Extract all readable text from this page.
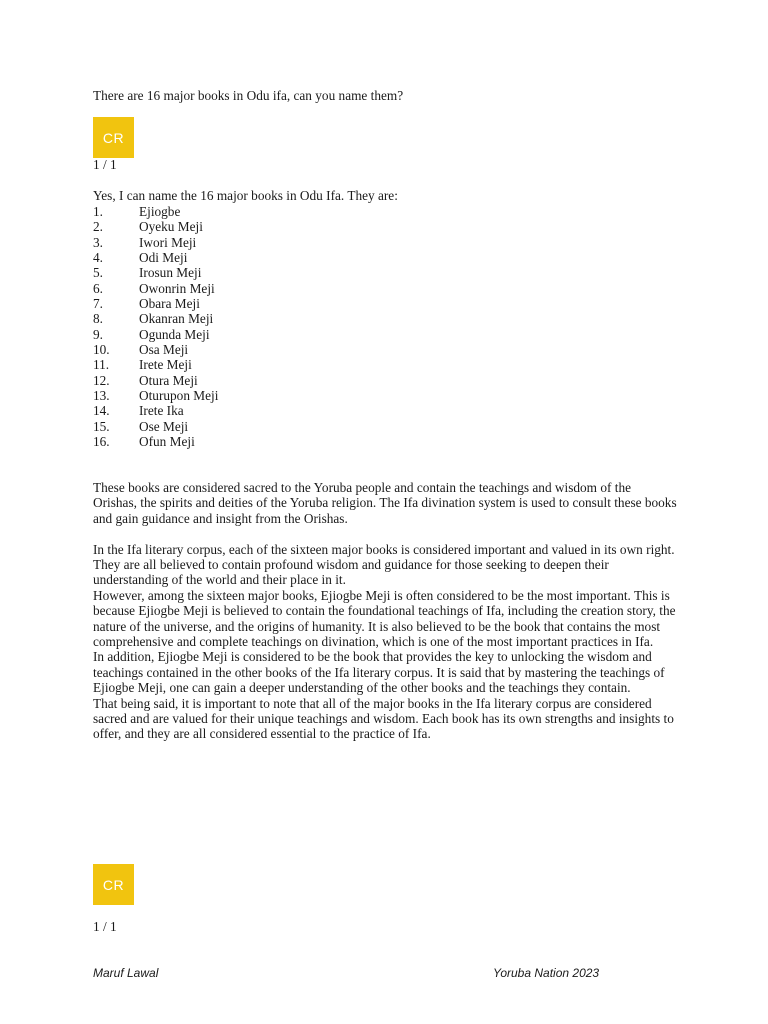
There are 16 major books in Odu ifa, can you name them?
CR
1 / 1
Yes, I can name the 16 major books in Odu Ifa. They are:
1.	Ejiogbe
2.	Oyeku Meji
3.	Iwori Meji
4.	Odi Meji
5.	Irosun Meji
6.	Owonrin Meji
7.	Obara Meji
8.	Okanran Meji
9.	Ogunda Meji
10. Osa Meji
11. Irete Meji
12. Otura Meji
13. Oturupon Meji
14. Irete Ika
15. Ose Meji
16. Ofun Meji

These books are considered sacred to the Yoruba people and contain the teachings and wisdom of the Orishas, the spirits and deities of the Yoruba religion. The Ifa divination system is used to consult these books and gain guidance and insight from the Orishas.

In the Ifa literary corpus, each of the sixteen major books is considered important and valued in its own right. They are all believed to contain profound wisdom and guidance for those seeking to deepen their understanding of the world and their place in it.

However, among the sixteen major books, Ejiogbe Meji is often considered to be the most important. This is because Ejiogbe Meji is believed to contain the foundational teachings of Ifa, including the creation story, the nature of the universe, and the origins of humanity. It is also believed to be the book that contains the most comprehensive and complete teachings on divination, which is one of the most important practices in Ifa.

In addition, Ejiogbe Meji is considered to be the book that provides the key to unlocking the wisdom and teachings contained in the other books of the Ifa literary corpus. It is said that by mastering the teachings of Ejiogbe Meji, one can gain a deeper understanding of the other books and the teachings they contain.

That being said, it is important to note that all of the major books in the Ifa literary corpus are considered sacred and are valued for their unique teachings and wisdom. Each book has its own strengths and insights to offer, and they are all considered essential to the practice of Ifa.

CR
1 / 1
Maruf Lawal	Yoruba Nation 2023
